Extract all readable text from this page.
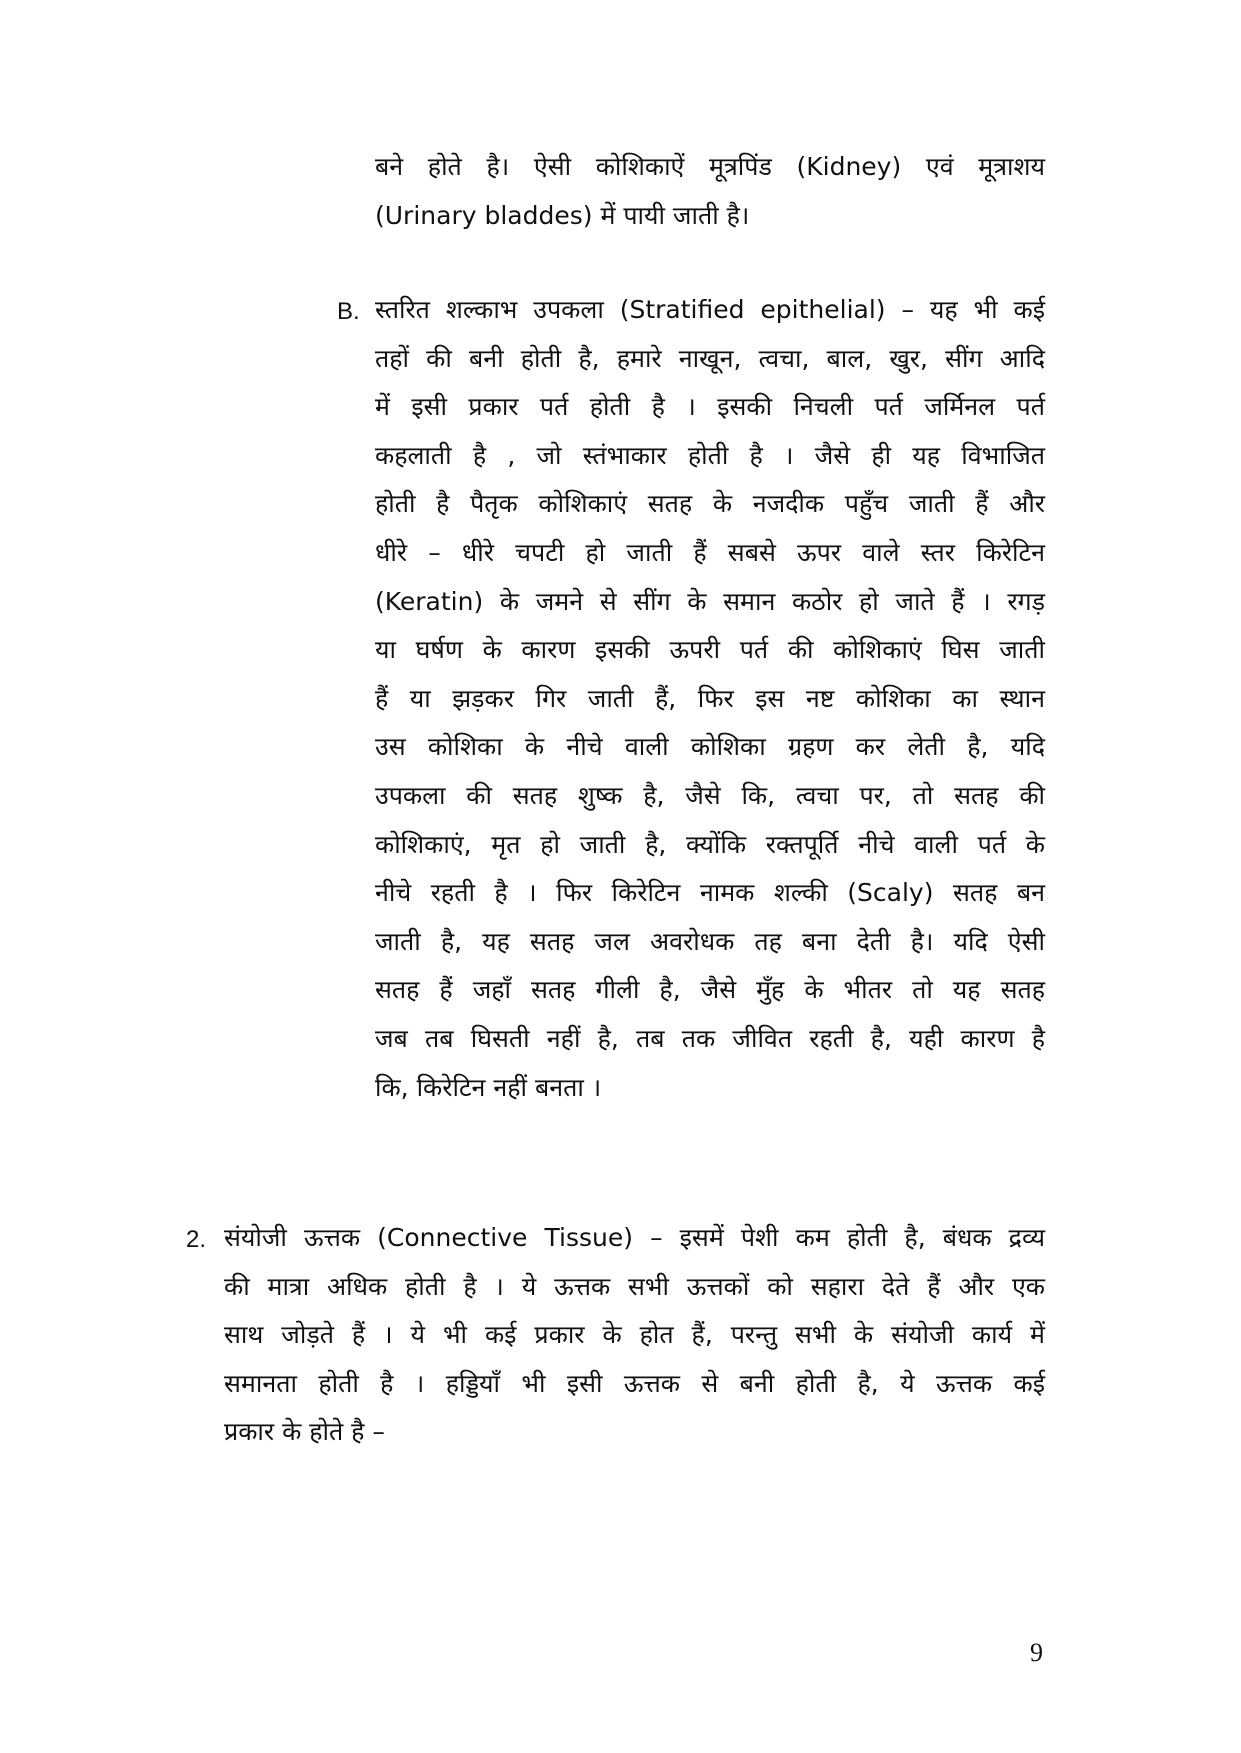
बने होते है। ऐसी कोशिकाऐं मूत्रपिंड (Kidney) एवं मूत्राशय
(Urinary bladdes) में पायी जाती है।
B. स्तरित शल्काभ उपकला (Stratified epithelial) – यह भी कई
तहों की बनी होती है, हमारे नाखून, त्वचा, बाल, खुर, सींग आदि
में इसी प्रकार पर्त होती है । इसकी निचली पर्त जर्मिनल पर्त
कहलाती है , जो स्तंभाकार होती है । जैसे ही यह विभाजित
होती है पैतृक कोशिकाएं सतह के नजदीक पहुँच जाती हैं और
धीरे – धीरे चपटी हो जाती हैं सबसे ऊपर वाले स्तर किरेटिन
(Keratin) के जमने से सींग के समान कठोर हो जाते हैं । रगड़
या घर्षण के कारण इसकी ऊपरी पर्त की कोशिकाएं घिस जाती
हैं या झड़कर गिर जाती हैं, फिर इस नष्ट कोशिका का स्थान
उस कोशिका के नीचे वाली कोशिका ग्रहण कर लेती है, यदि
उपकला की सतह शुष्क है, जैसे कि, त्वचा पर, तो सतह की
कोशिकाएं, मृत हो जाती है, क्योंकि रक्तपूर्ति नीचे वाली पर्त के
नीचे रहती है । फिर किरेटिन नामक शल्की (Scaly) सतह बन
जाती है, यह सतह जल अवरोधक तह बना देती है। यदि ऐसी
सतह हैं जहाँ सतह गीली है, जैसे मुँह के भीतर तो यह सतह
जब तब घिसती नहीं है, तब तक जीवित रहती है, यही कारण है
कि, किरेटिन नहीं बनता ।
2. संयोजी ऊत्तक (Connective Tissue) – इसमें पेशी कम होती है, बंधक द्रव्य
की मात्रा अधिक होती है । ये ऊत्तक सभी ऊत्तकों को सहारा देते हैं और एक
साथ जोड़ते हैं । ये भी कई प्रकार के होत हैं, परन्तु सभी के संयोजी कार्य में
समानता होती है । हड्डियाँ भी इसी ऊत्तक से बनी होती है, ये ऊत्तक कई
प्रकार के होते है –
9
